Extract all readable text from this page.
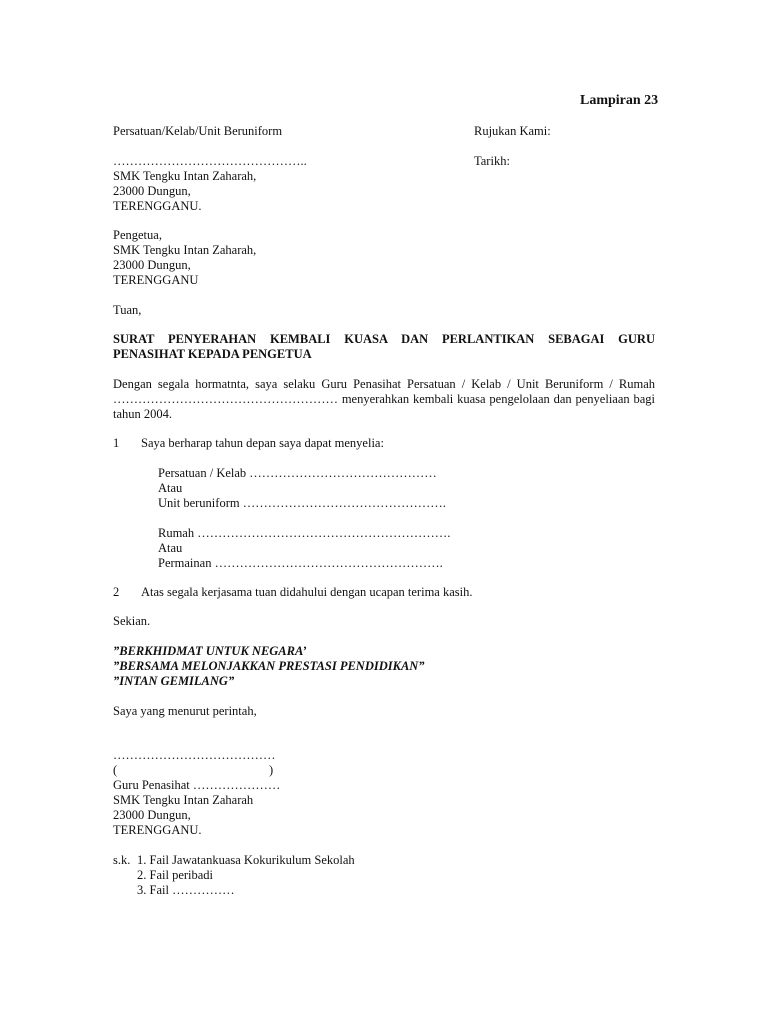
Lampiran 23
Persatuan/Kelab/Unit Beruniform	Rujukan Kami:
………………………………………..	Tarikh:
SMK Tengku Intan Zaharah,
23000 Dungun,
TERENGGANU.
Pengetua,
SMK Tengku Intan Zaharah,
23000 Dungun,
TERENGGANU
Tuan,
SURAT PENYERAHAN KEMBALI KUASA DAN PERLANTIKAN SEBAGAI GURU
PENASIHAT KEPADA PENGETUA
Dengan segala hormatnta, saya selaku Guru Penasihat Persatuan / Kelab / Unit Beruniform / Rumah
……………………………………………… menyerahkan kembali kuasa pengelolaan dan penyeliaan bagi
tahun 2004.
1 Saya berharap tahun depan saya dapat menyelia:
Persatuan / Kelab ………………………………………
Atau
Unit beruniform ………………………………………….
Rumah …………………………………………………….
Atau
Permainan ……………………………………………….
2 Atas segala kerjasama tuan didahului dengan ucapan terima kasih.
Sekian.
”BERKHIDMAT UNTUK NEGARA’
”BERSAMA MELONJAKKAN PRESTASI PENDIDIKAN”
”INTAN GEMILANG”
Saya yang menurut perintah,
…………………………………
(	)
Guru Penasihat …………………
SMK Tengku Intan Zaharah
23000 Dungun,
TERENGGANU.
s.k. 1. Fail Jawatankuasa Kokurikulum Sekolah
2. Fail peribadi
3. Fail ……………
